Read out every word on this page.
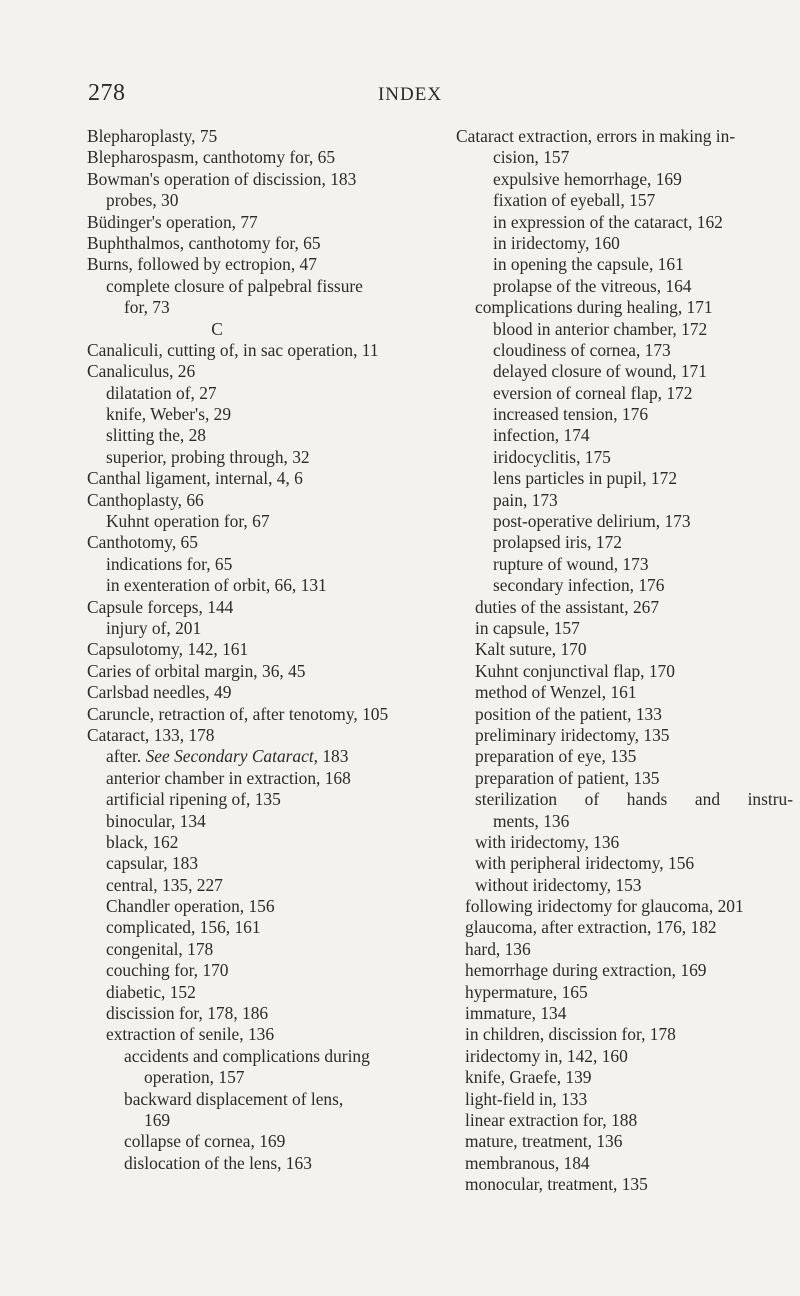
278	INDEX
Blepharoplasty, 75
Blepharospasm, canthotomy for, 65
Bowman's operation of discission, 183
probes, 30
Büdinger's operation, 77
Buphthalmos, canthotomy for, 65
Burns, followed by ectropion, 47
complete closure of palpebral fissure
for, 73
C
Canaliculi, cutting of, in sac operation, 11
Canaliculus, 26
dilatation of, 27
knife, Weber's, 29
slitting the, 28
superior, probing through, 32
Canthal ligament, internal, 4, 6
Canthoplasty, 66
Kuhnt operation for, 67
Canthotomy, 65
indications for, 65
in exenteration of orbit, 66, 131
Capsule forceps, 144
injury of, 201
Capsulotomy, 142, 161
Caries of orbital margin, 36, 45
Carlsbad needles, 49
Caruncle, retraction of, after tenotomy, 105
Cataract, 133, 178
after. See Secondary Cataract, 183
anterior chamber in extraction, 168
artificial ripening of, 135
binocular, 134
black, 162
capsular, 183
central, 135, 227
Chandler operation, 156
complicated, 156, 161
congenital, 178
couching for, 170
diabetic, 152
discission for, 178, 186
extraction of senile, 136
accidents and complications during
operation, 157
backward displacement of lens,
169
collapse of cornea, 169
dislocation of the lens, 163
Cataract extraction, errors in making in-
cision, 157
expulsive hemorrhage, 169
fixation of eyeball, 157
in expression of the cataract, 162
in iridectomy, 160
in opening the capsule, 161
prolapse of the vitreous, 164
complications during healing, 171
blood in anterior chamber, 172
cloudiness of cornea, 173
delayed closure of wound, 171
eversion of corneal flap, 172
increased tension, 176
infection, 174
iridocyclitis, 175
lens particles in pupil, 172
pain, 173
post-operative delirium, 173
prolapsed iris, 172
rupture of wound, 173
secondary infection, 176
duties of the assistant, 267
in capsule, 157
Kalt suture, 170
Kuhnt conjunctival flap, 170
method of Wenzel, 161
position of the patient, 133
preliminary iridectomy, 135
preparation of eye, 135
preparation of patient, 135
sterilization of hands and instru-
ments, 136
with iridectomy, 136
with peripheral iridectomy, 156
without iridectomy, 153
following iridectomy for glaucoma, 201
glaucoma, after extraction, 176, 182
hard, 136
hemorrhage during extraction, 169
hypermature, 165
immature, 134
in children, discission for, 178
iridectomy in, 142, 160
knife, Graefe, 139
light-field in, 133
linear extraction for, 188
mature, treatment, 136
membranous, 184
monocular, treatment, 135
